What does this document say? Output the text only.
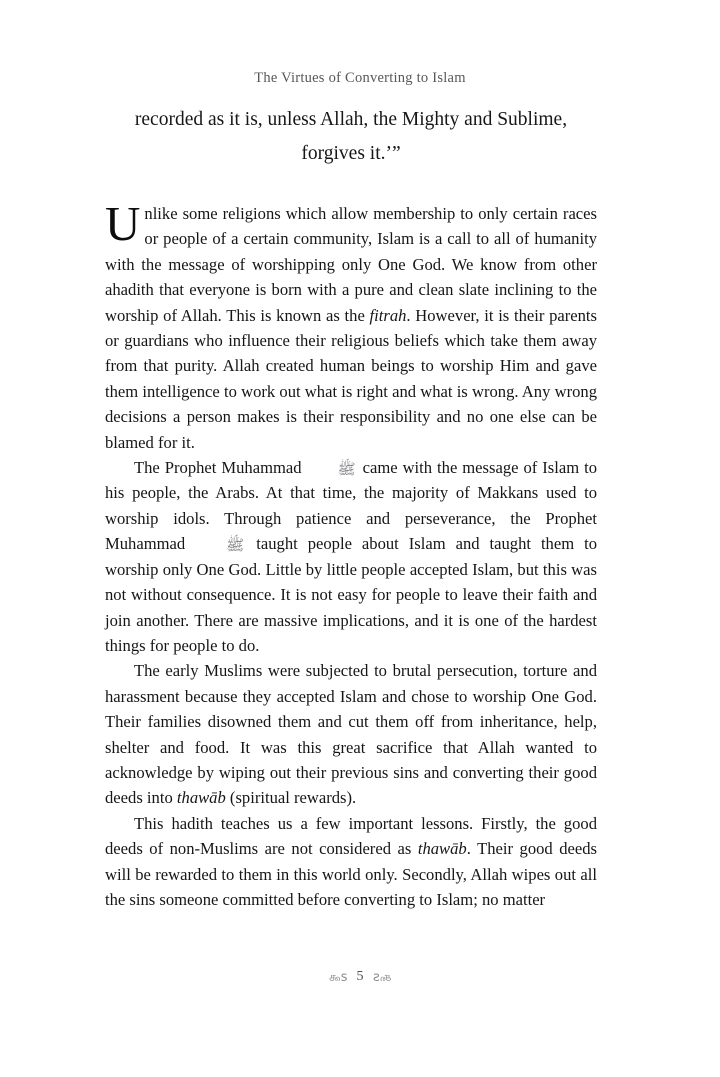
The Virtues of Converting to Islam
recorded as it is, unless Allah, the Mighty and Sublime,
forgives it.’”

Unlike some religions which allow membership to only certain races or people of a certain community, Islam is a call to all of humanity with the message of worshipping only One God. We know from other ahadith that everyone is born with a pure and clean slate inclining to the worship of Allah. This is known as the fitrah. However, it is their parents or guardians who influence their religious beliefs which take them away from that purity. Allah created human beings to worship Him and gave them intelligence to work out what is right and what is wrong. Any wrong decisions a person makes is their responsibility and no one else can be blamed for it.

The Prophet Muhammad ﷺ came with the message of Islam to his people, the Arabs. At that time, the majority of Makkans used to worship idols. Through patience and perseverance, the Prophet Muhammad ﷺ taught people about Islam and taught them to worship only One God. Little by little people accepted Islam, but this was not without consequence. It is not easy for people to leave their faith and join another. There are massive implications, and it is one of the hardest things for people to do.

The early Muslims were subjected to brutal persecution, torture and harassment because they accepted Islam and chose to worship One God. Their families disowned them and cut them off from inheritance, help, shelter and food. It was this great sacrifice that Allah wanted to acknowledge by wiping out their previous sins and converting their good deeds into thawāb (spiritual rewards).

This hadith teaches us a few important lessons. Firstly, the good deeds of non-Muslims are not considered as thawāb. Their good deeds will be rewarded to them in this world only. Secondly, Allah wipes out all the sins someone committed before converting to Islam; no matter

௯s 5 ௯s
